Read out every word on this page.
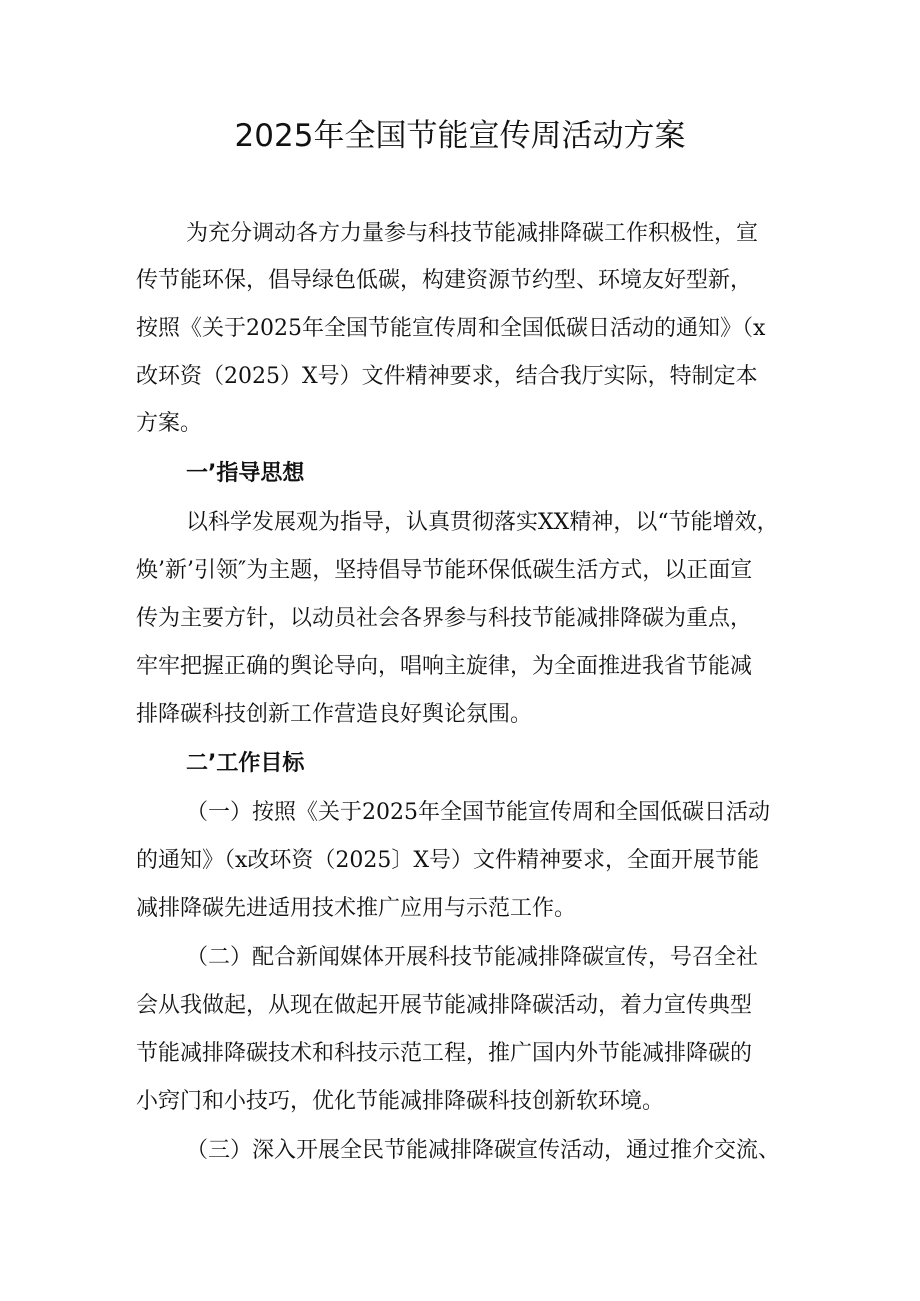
2025年全国节能宣传周活动方案
为充分调动各方力量参与科技节能减排降碳工作积极性，宣
传节能环保，倡导绿色低碳，构建资源节约型、环境友好型新，
按照《关于2025年全国节能宣传周和全国低碳日活动的通知》（x
改环资（2025）X号）文件精神要求，结合我厅实际，特制定本
方案。
一’指导思想
以科学发展观为指导，认真贯彻落实XX精神，以“节能增效，
焕’新’引领″为主题，坚持倡导节能环保低碳生活方式，以正面宣
传为主要方针，以动员社会各界参与科技节能减排降碳为重点，
牢牢把握正确的舆论导向，唱响主旋律，为全面推进我省节能减
排降碳科技创新工作营造良好舆论氛围。
二’工作目标
（一）按照《关于2025年全国节能宣传周和全国低碳日活动
的通知》（x改环资（2025〕X号）文件精神要求，全面开展节能
减排降碳先进适用技术推广应用与示范工作。
（二）配合新闻媒体开展科技节能减排降碳宣传，号召全社
会从我做起，从现在做起开展节能减排降碳活动，着力宣传典型
节能减排降碳技术和科技示范工程，推广国内外节能减排降碳的
小窍门和小技巧，优化节能减排降碳科技创新软环境。
（三）深入开展全民节能减排降碳宣传活动，通过推介交流、
